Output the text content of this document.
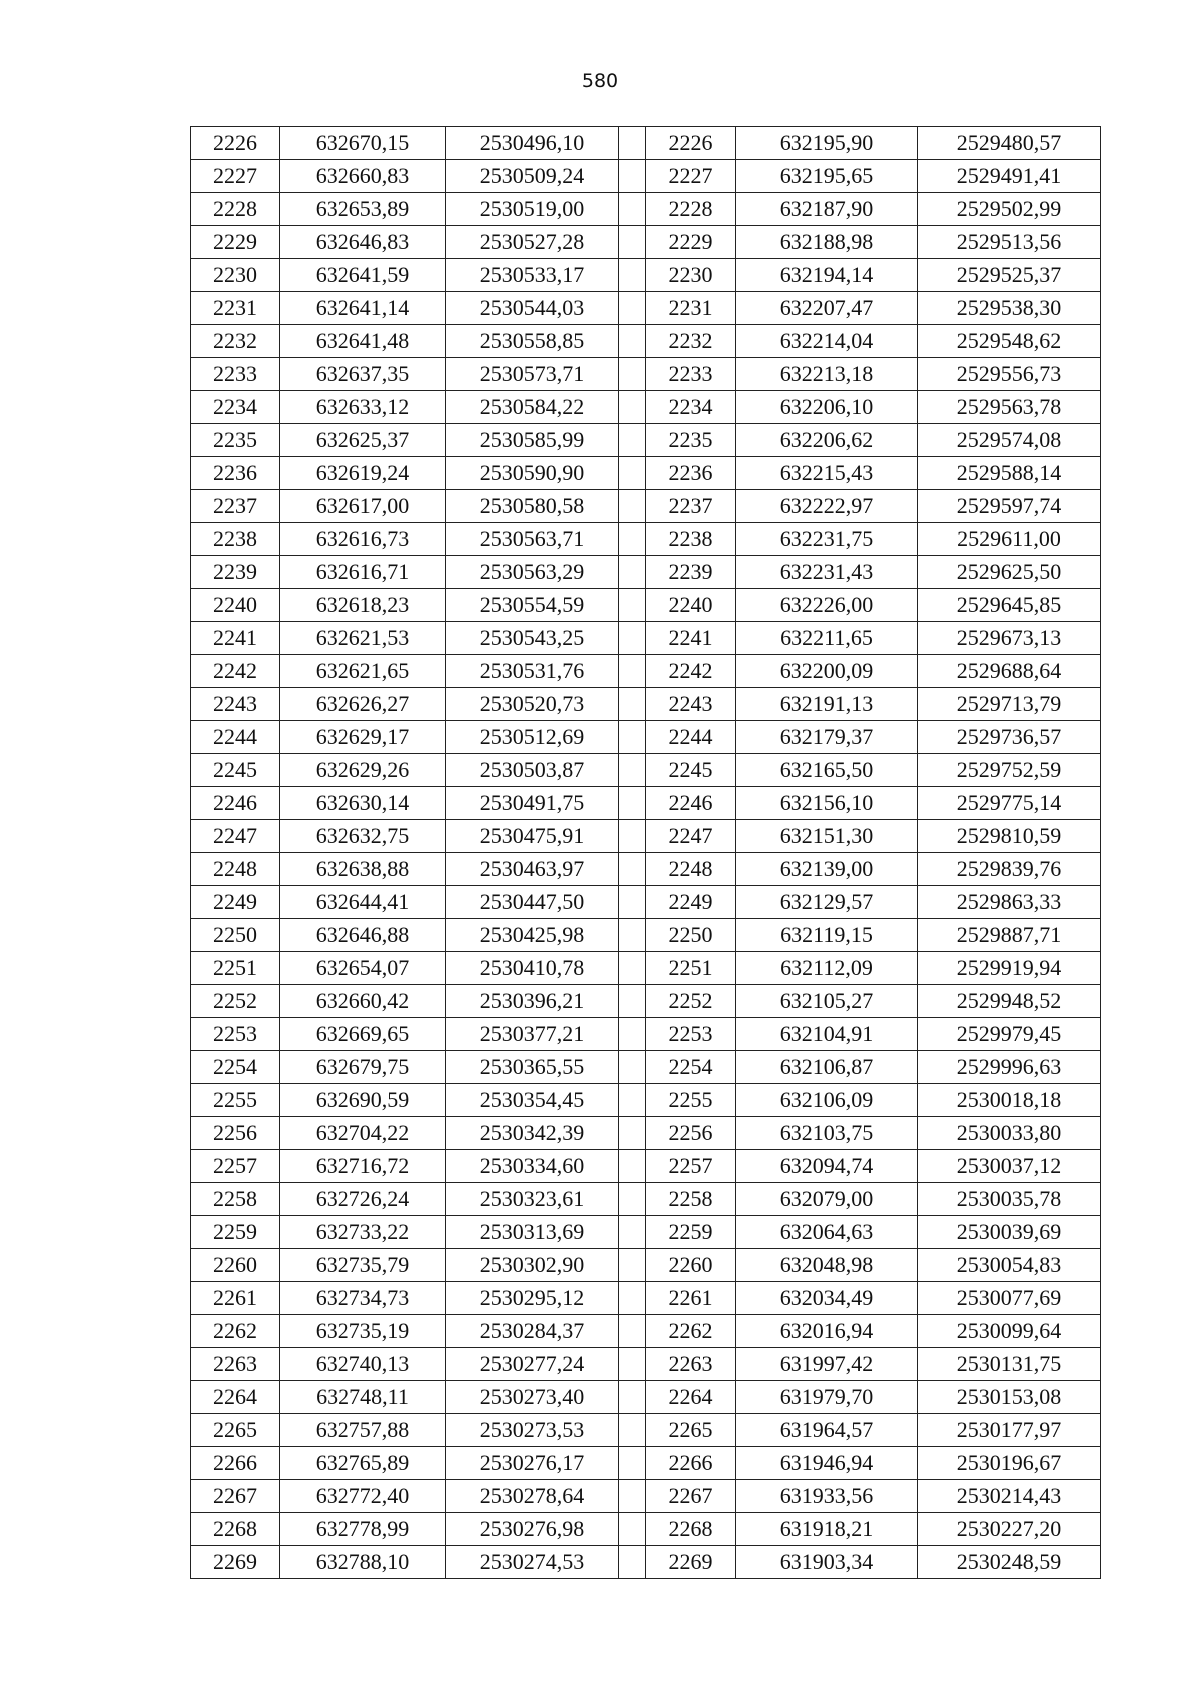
580
2226	632670,15	2530496,10		2226	632195,90	2529480,57
2227	632660,83	2530509,24		2227	632195,65	2529491,41
2228	632653,89	2530519,00		2228	632187,90	2529502,99
2229	632646,83	2530527,28		2229	632188,98	2529513,56
2230	632641,59	2530533,17		2230	632194,14	2529525,37
2231	632641,14	2530544,03		2231	632207,47	2529538,30
2232	632641,48	2530558,85		2232	632214,04	2529548,62
2233	632637,35	2530573,71		2233	632213,18	2529556,73
2234	632633,12	2530584,22		2234	632206,10	2529563,78
2235	632625,37	2530585,99		2235	632206,62	2529574,08
2236	632619,24	2530590,90		2236	632215,43	2529588,14
2237	632617,00	2530580,58		2237	632222,97	2529597,74
2238	632616,73	2530563,71		2238	632231,75	2529611,00
2239	632616,71	2530563,29		2239	632231,43	2529625,50
2240	632618,23	2530554,59		2240	632226,00	2529645,85
2241	632621,53	2530543,25		2241	632211,65	2529673,13
2242	632621,65	2530531,76		2242	632200,09	2529688,64
2243	632626,27	2530520,73		2243	632191,13	2529713,79
2244	632629,17	2530512,69		2244	632179,37	2529736,57
2245	632629,26	2530503,87		2245	632165,50	2529752,59
2246	632630,14	2530491,75		2246	632156,10	2529775,14
2247	632632,75	2530475,91		2247	632151,30	2529810,59
2248	632638,88	2530463,97		2248	632139,00	2529839,76
2249	632644,41	2530447,50		2249	632129,57	2529863,33
2250	632646,88	2530425,98		2250	632119,15	2529887,71
2251	632654,07	2530410,78		2251	632112,09	2529919,94
2252	632660,42	2530396,21		2252	632105,27	2529948,52
2253	632669,65	2530377,21		2253	632104,91	2529979,45
2254	632679,75	2530365,55		2254	632106,87	2529996,63
2255	632690,59	2530354,45		2255	632106,09	2530018,18
2256	632704,22	2530342,39		2256	632103,75	2530033,80
2257	632716,72	2530334,60		2257	632094,74	2530037,12
2258	632726,24	2530323,61		2258	632079,00	2530035,78
2259	632733,22	2530313,69		2259	632064,63	2530039,69
2260	632735,79	2530302,90		2260	632048,98	2530054,83
2261	632734,73	2530295,12		2261	632034,49	2530077,69
2262	632735,19	2530284,37		2262	632016,94	2530099,64
2263	632740,13	2530277,24		2263	631997,42	2530131,75
2264	632748,11	2530273,40		2264	631979,70	2530153,08
2265	632757,88	2530273,53		2265	631964,57	2530177,97
2266	632765,89	2530276,17		2266	631946,94	2530196,67
2267	632772,40	2530278,64		2267	631933,56	2530214,43
2268	632778,99	2530276,98		2268	631918,21	2530227,20
2269	632788,10	2530274,53		2269	631903,34	2530248,59
